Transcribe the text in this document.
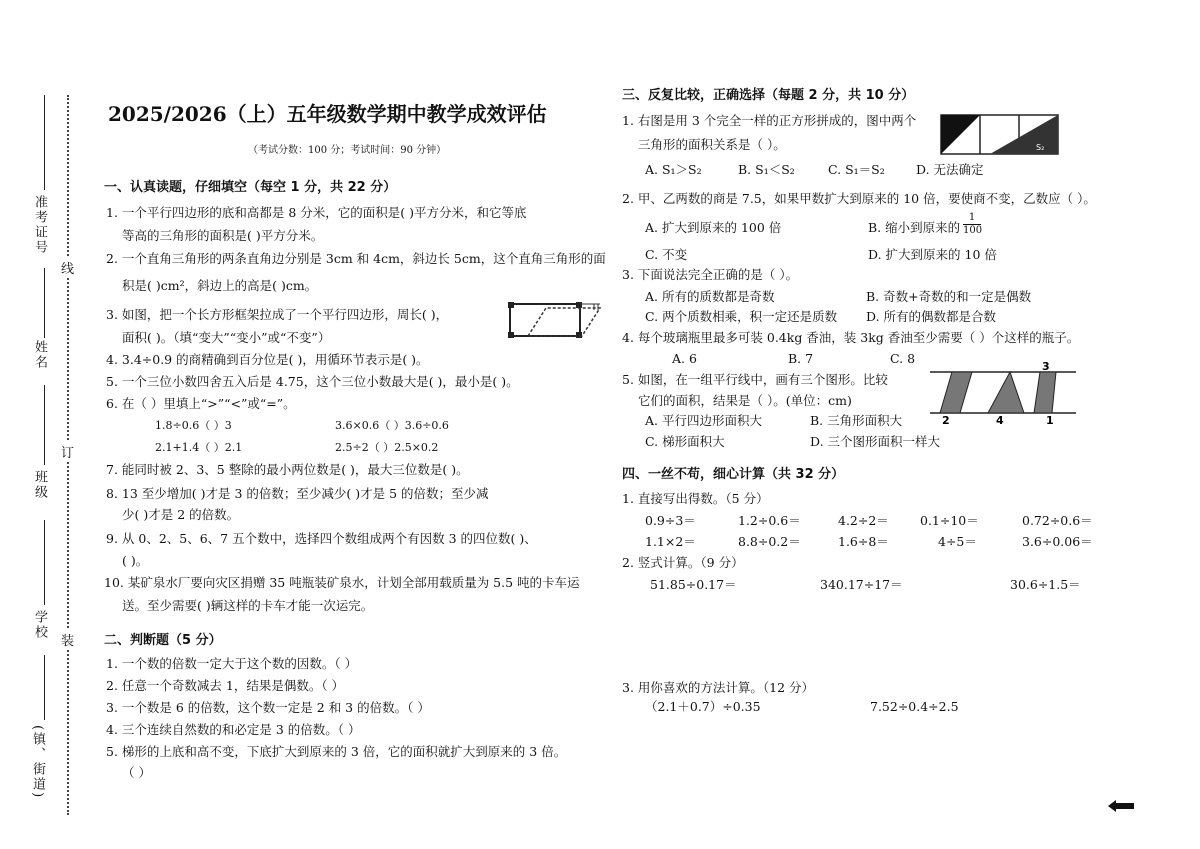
准考证号
姓名
班级
学校
(镇、街道)
线
订
装
2025/2026（上）五年级数学期中教学成效评估
（考试分数：100 分；考试时间：90 分钟）
一、认真读题，仔细填空（每空 1 分，共 22 分）
1. 一个平行四边形的底和高都是 8 分米，它的面积是( )平方分米，和它等底
等高的三角形的面积是( )平方分米。
2. 一个直角三角形的两条直角边分别是 3cm 和 4cm，斜边长 5cm，这个直角三角形的面
积是( )cm²，斜边上的高是( )cm。
3. 如图，把一个长方形框架拉成了一个平行四边形，周长( )，
面积( )。（填“变大”“变小”或“不变”）
4. 3.4÷0.9 的商精确到百分位是( )，用循环节表示是( )。
5. 一个三位小数四舍五入后是 4.75，这个三位小数最大是( )，最小是( )。
6. 在（ ）里填上“>”“<”或“=”。
1.8÷0.6（ ）3	3.6×0.6（ ）3.6÷0.6
2.1+1.4（ ）2.1	2.5÷2（ ）2.5×0.2
7. 能同时被 2、3、5 整除的最小两位数是( )，最大三位数是( )。
8. 13 至少增加( )才是 3 的倍数；至少减少( )才是 5 的倍数；至少减
少( )才是 2 的倍数。
9. 从 0、2、5、6、7 五个数中，选择四个数组成两个有因数 3 的四位数( )、
( )。
10. 某矿泉水厂要向灾区捐赠 35 吨瓶装矿泉水，计划全部用载质量为 5.5 吨的卡车运
送。至少需要( )辆这样的卡车才能一次运完。
二、判断题（5 分）
1. 一个数的倍数一定大于这个数的因数。（ ）
2. 任意一个奇数减去 1，结果是偶数。（ ）
3. 一个数是 6 的倍数，这个数一定是 2 和 3 的倍数。（ ）
4. 三个连续自然数的和必定是 3 的倍数。（ ）
5. 梯形的上底和高不变，下底扩大到原来的 3 倍，它的面积就扩大到原来的 3 倍。
（ ）
三、反复比较，正确选择（每题 2 分，共 10 分）
1. 右图是用 3 个完全一样的正方形拼成的，图中两个
三角形的面积关系是（ ）。	S₁	S₂
A. S₁＞S₂	B. S₁＜S₂	C. S₁＝S₂	D. 无法确定
2. 甲、乙两数的商是 7.5，如果甲数扩大到原来的 10 倍，要使商不变，乙数应（ ）。
A. 扩大到原来的 100 倍	B. 缩小到原来的 $\frac{1}{100}$
C. 不变	D. 扩大到原来的 10 倍
3. 下面说法完全正确的是（ ）。
A. 所有的质数都是奇数	B. 奇数+奇数的和一定是偶数
C. 两个质数相乘，积一定还是质数 D. 所有的偶数都是合数
4. 每个玻璃瓶里最多可装 0.4kg 香油，装 3kg 香油至少需要（ ）个这样的瓶子。
A. 6	B. 7	C. 8
5. 如图，在一组平行线中，画有三个图形。比较
它们的面积，结果是（ ）。(单位：cm)
2	4	1
3
A. 平行四边形面积大	B. 三角形面积大
C. 梯形面积大	D. 三个图形面积一样大
四、一丝不苟，细心计算（共 32 分）
1. 直接写出得数。（5 分）
0.9÷3＝	1.2÷0.6＝	4.2÷2＝ 0.1÷10＝	0.72÷0.6＝
1.1×2＝	8.8÷0.2＝	1.6÷8＝	4÷5＝	3.6÷0.06＝
2. 竖式计算。（9 分）
51.85÷0.17＝	340.17÷17＝	30.6÷1.5＝
3. 用你喜欢的方法计算。（12 分）
（2.1＋0.7）÷0.35	7.52÷0.4÷2.5
